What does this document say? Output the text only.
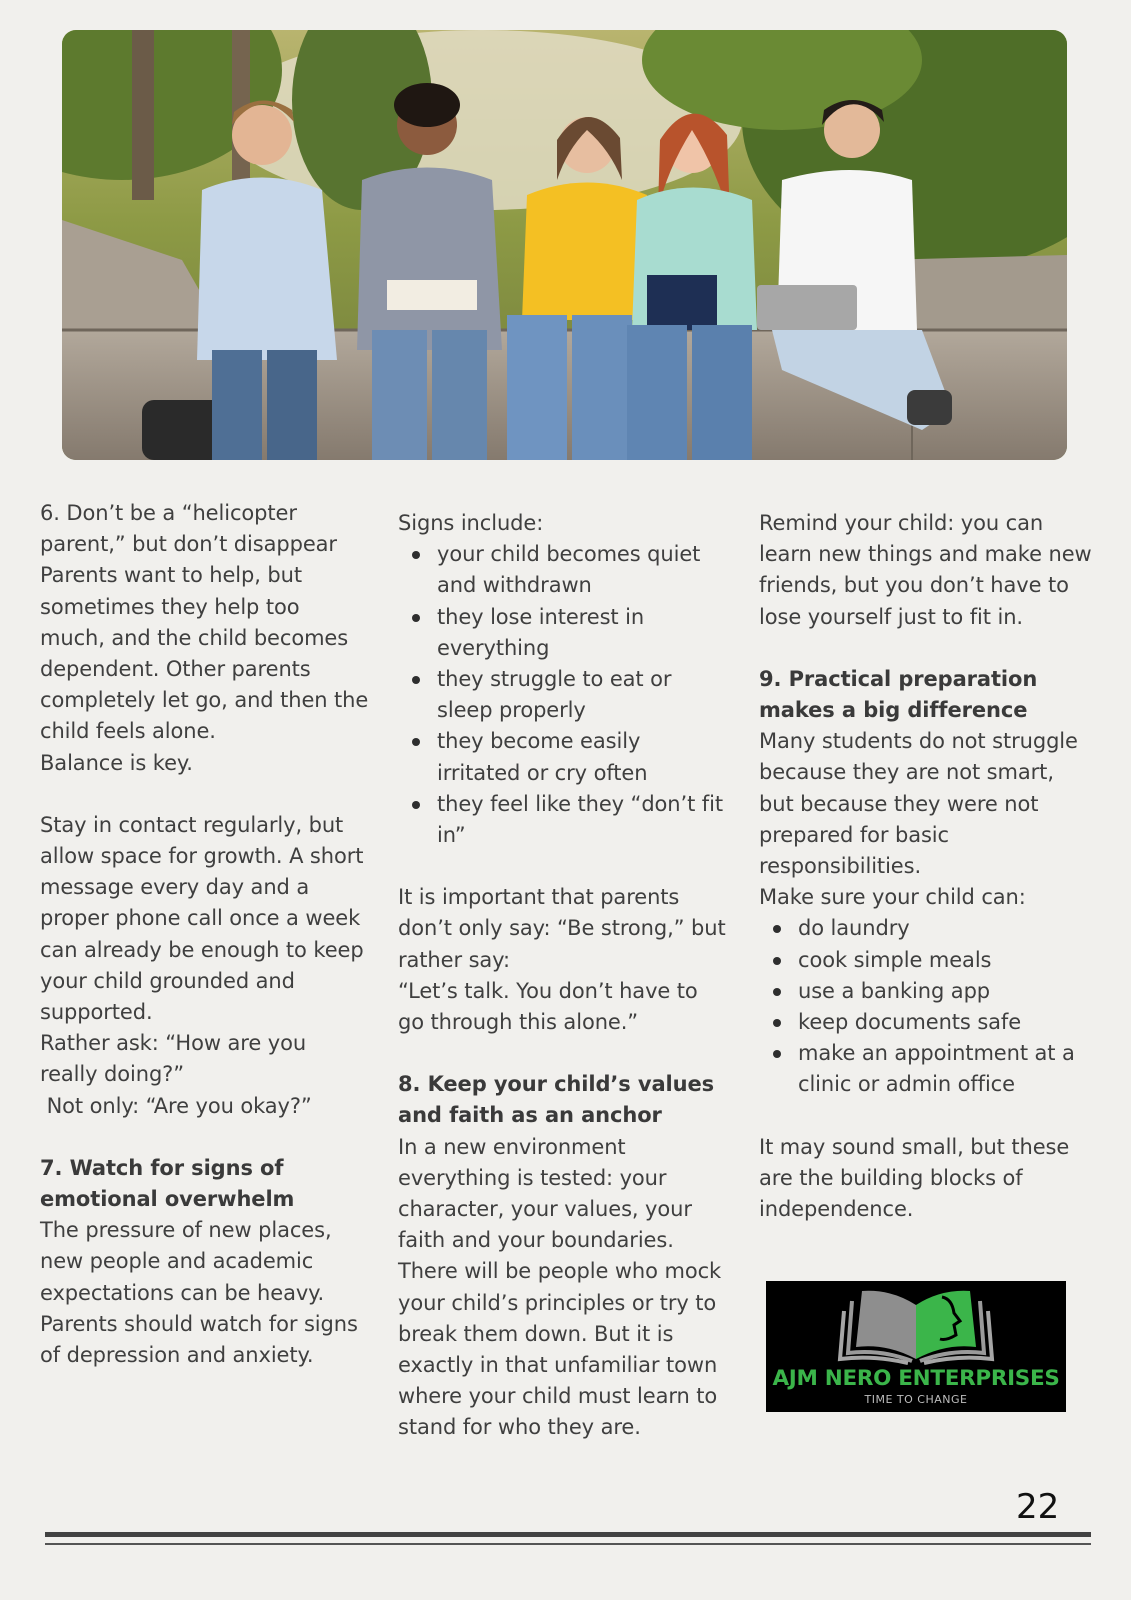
6. Don’t be a “helicopter parent,” but don’t disappear

Parents want to help, but sometimes they help too much, and the child becomes dependent. Other parents completely let go, and then the child feels alone.

Balance is key.

Stay in contact regularly, but allow space for growth. A short message every day and a proper phone call once a week can already be enough to keep your child grounded and supported.

Rather ask: “How are you really doing?”

Not only: “Are you okay?”

7. Watch for signs of emotional overwhelm

The pressure of new places, new people and academic expectations can be heavy. Parents should watch for signs of depression and anxiety.

Signs include:

your child becomes quiet and withdrawn
they lose interest in everything
they struggle to eat or sleep properly
they become easily irritated or cry often
they feel like they “don’t fit in”

It is important that parents don’t only say: “Be strong,” but rather say:

“Let’s talk. You don’t have to go through this alone.”

8. Keep your child’s values and faith as an anchor

In a new environment everything is tested: your character, your values, your faith and your boundaries. There will be people who mock your child’s principles or try to break them down. But it is exactly in that unfamiliar town where your child must learn to stand for who they are.

Remind your child: you can learn new things and make new friends, but you don’t have to lose yourself just to fit in.

9. Practical preparation makes a big difference

Many students do not struggle because they are not smart, but because they were not prepared for basic responsibilities.

Make sure your child can:

do laundry
cook simple meals
use a banking app
keep documents safe
make an appointment at a clinic or admin office

It may sound small, but these are the building blocks of independence.

AJM NERO ENTERPRISES
TIME TO CHANGE
22
